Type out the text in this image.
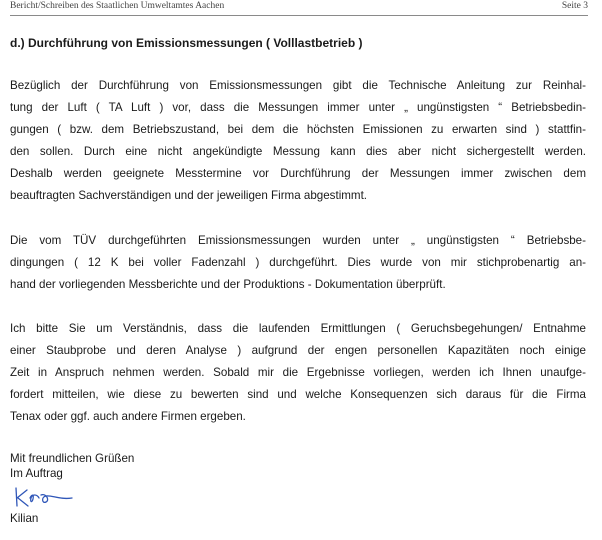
Bericht/Schreiben des Staatlichen Umweltamtes Aachen	Seite 3
d.) Durchführung von Emissionsmessungen ( Volllastbetrieb )
Bezüglich der Durchführung von Emissionsmessungen gibt die Technische Anleitung zur Reinhal-
tung der Luft ( TA Luft ) vor, dass die Messungen immer unter „ ungünstigsten “ Betriebsbedin-
gungen ( bzw. dem Betriebszustand, bei dem die höchsten Emissionen zu erwarten sind ) stattfin-
den sollen. Durch eine nicht angekündigte Messung kann dies aber nicht sichergestellt werden.
Deshalb werden geeignete Messtermine vor Durchführung der Messungen immer zwischen dem
beauftragten Sachverständigen und der jeweiligen Firma abgestimmt.
Die vom TÜV durchgeführten Emissionsmessungen wurden unter „ ungünstigsten “ Betriebsbe-
dingungen ( 12 K bei voller Fadenzahl ) durchgeführt. Dies wurde von mir stichprobenartig an-
hand der vorliegenden Messberichte und der Produktions - Dokumentation überprüft.
Ich bitte Sie um Verständnis, dass die laufenden Ermittlungen ( Geruchsbegehungen/ Entnahme
einer Staubprobe und deren Analyse ) aufgrund der engen personellen Kapazitäten noch einige
Zeit in Anspruch nehmen werden. Sobald mir die Ergebnisse vorliegen, werden ich Ihnen unaufge-
fordert mitteilen, wie diese zu bewerten sind und welche Konsequenzen sich daraus für die Firma
Tenax oder ggf. auch andere Firmen ergeben.
Mit freundlichen Grüßen
Im Auftrag
Kilian
